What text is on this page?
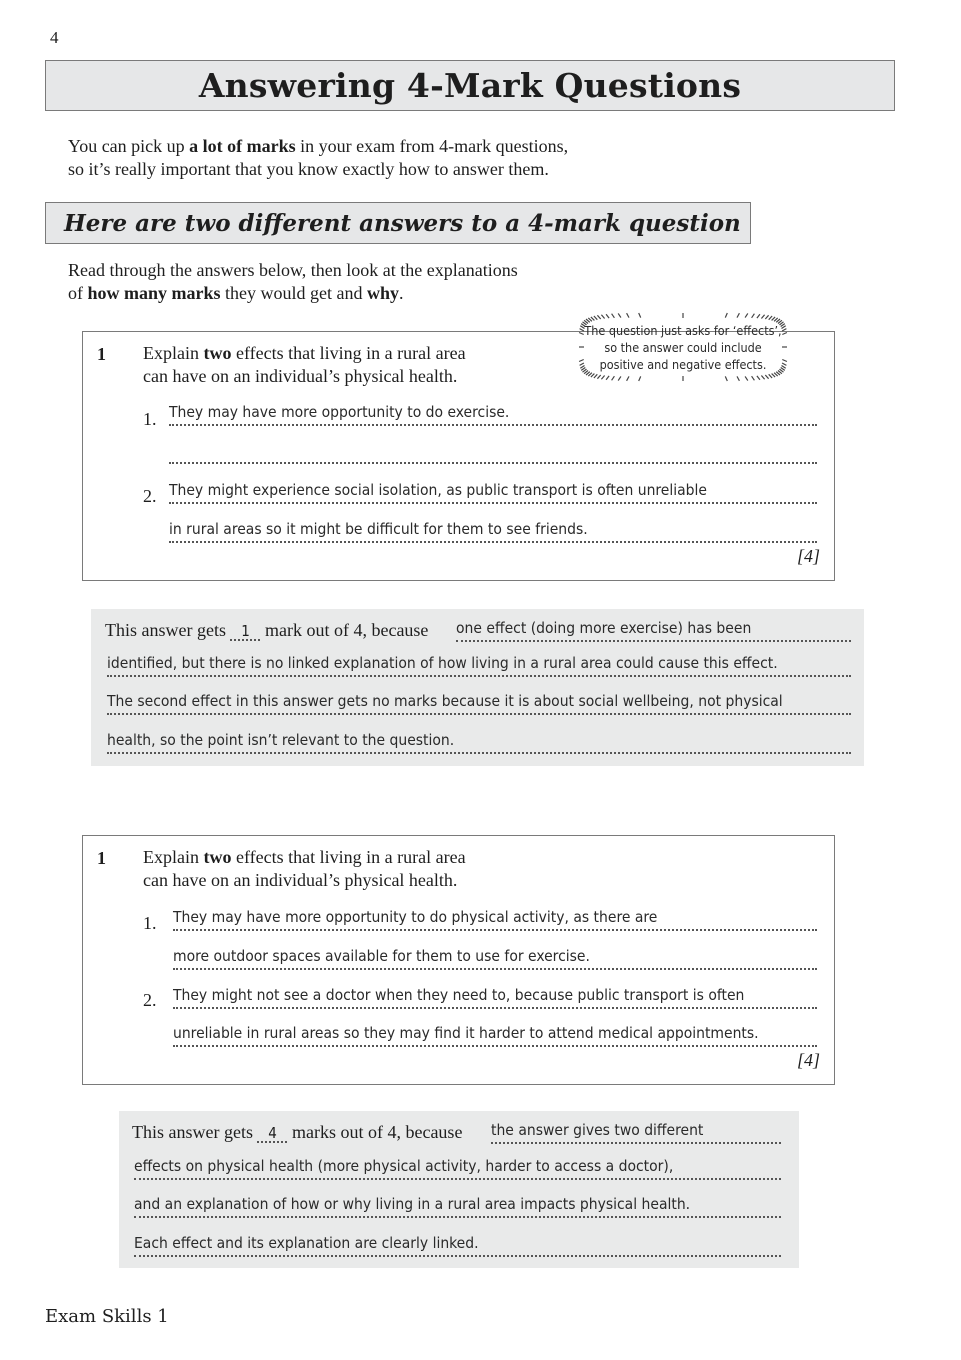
4
Answering 4-Mark Questions
You can pick up a lot of marks in your exam from 4-mark questions,
so it’s really important that you know exactly how to answer them.
Here are two different answers to a 4-mark question
Read through the answers below, then look at the explanations
of how many marks they would get and why.
1 Explain two effects that living in a rural area
can have on an individual’s physical health.
1. They may have more opportunity to do exercise.
2. They might experience social isolation, as public transport is often unreliable
in rural areas so it might be difficult for them to see friends.
[4]
The question just asks for ‘effects’,
so the answer could include
positive and negative effects.
This answer gets 1 mark out of 4, because one effect (doing more exercise) has been
identified, but there is no linked explanation of how living in a rural area could cause this effect.
The second effect in this answer gets no marks because it is about social wellbeing, not physical
health, so the point isn’t relevant to the question.
1 Explain two effects that living in a rural area
can have on an individual’s physical health.
1. They may have more opportunity to do physical activity, as there are
more outdoor spaces available for them to use for exercise.
2. They might not see a doctor when they need to, because public transport is often
unreliable in rural areas so they may find it harder to attend medical appointments.
[4]
This answer gets 4 marks out of 4, because the answer gives two different
effects on physical health (more physical activity, harder to access a doctor),
and an explanation of how or why living in a rural area impacts physical health.
Each effect and its explanation are clearly linked.
Exam Skills 1
